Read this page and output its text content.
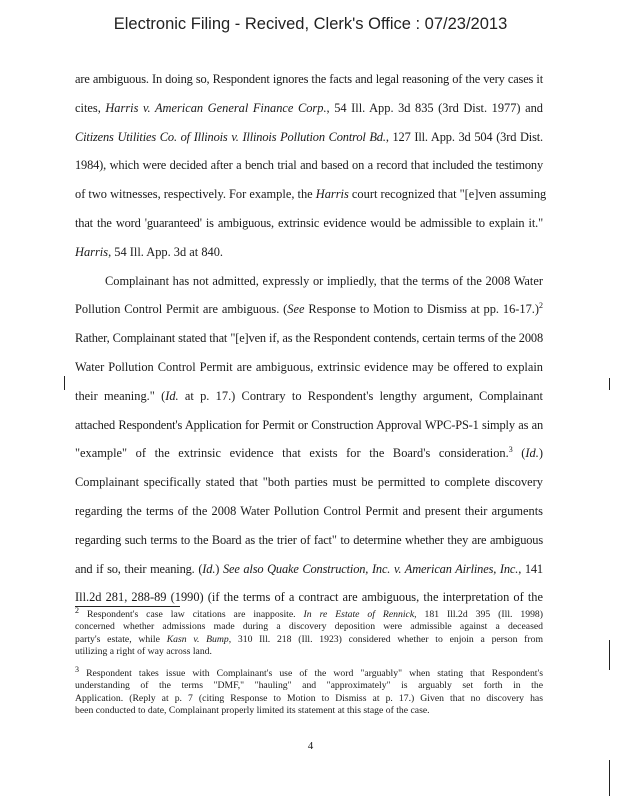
Electronic Filing - Recived, Clerk's Office : 07/23/2013
are ambiguous. In doing so, Respondent ignores the facts and legal reasoning of the very cases it
cites, Harris v. American General Finance Corp., 54 Ill. App. 3d 835 (3rd Dist. 1977) and
Citizens Utilities Co. of Illinois v. Illinois Pollution Control Bd., 127 Ill. App. 3d 504 (3rd Dist.
1984), which were decided after a bench trial and based on a record that included the testimony
of two witnesses, respectively. For example, the Harris court recognized that "[e]ven assuming
that the word 'guaranteed' is ambiguous, extrinsic evidence would be admissible to explain it."
Harris, 54 Ill. App. 3d at 840.
Complainant has not admitted, expressly or impliedly, that the terms of the 2008 Water
Pollution Control Permit are ambiguous. (See Response to Motion to Dismiss at pp. 16-17.)$^2$
Rather, Complainant stated that "[e]ven if, as the Respondent contends, certain terms of the 2008
Water Pollution Control Permit are ambiguous, extrinsic evidence may be offered to explain
their meaning." (Id. at p. 17.) Contrary to Respondent's lengthy argument, Complainant
attached Respondent's Application for Permit or Construction Approval WPC-PS-1 simply as an
"example" of the extrinsic evidence that exists for the Board's consideration.$^3$ (Id.)
Complainant specifically stated that "both parties must be permitted to complete discovery
regarding the terms of the 2008 Water Pollution Control Permit and present their arguments
regarding such terms to the Board as the trier of fact" to determine whether they are ambiguous
and if so, their meaning. (Id.) See also Quake Construction, Inc. v. American Airlines, Inc., 141
Ill.2d 281, 288-89 (1990) (if the terms of a contract are ambiguous, the interpretation of the
$^2$ Respondent's case law citations are inapposite. In re Estate of Rennick, 181 Ill.2d 395 (Ill. 1998)
concerned whether admissions made during a discovery deposition were admissible against a deceased
party's estate, while Kasn v. Bump, 310 Ill. 218 (Ill. 1923) considered whether to enjoin a person from
utilizing a right of way across land.
$^3$ Respondent takes issue with Complainant's use of the word "arguably" when stating that Respondent's
understanding of the terms "DMF," "hauling" and "approximately" is arguably set forth in the
Application. (Reply at p. 7 (citing Response to Motion to Dismiss at p. 17.) Given that no discovery has
been conducted to date, Complainant properly limited its statement at this stage of the case.
4
